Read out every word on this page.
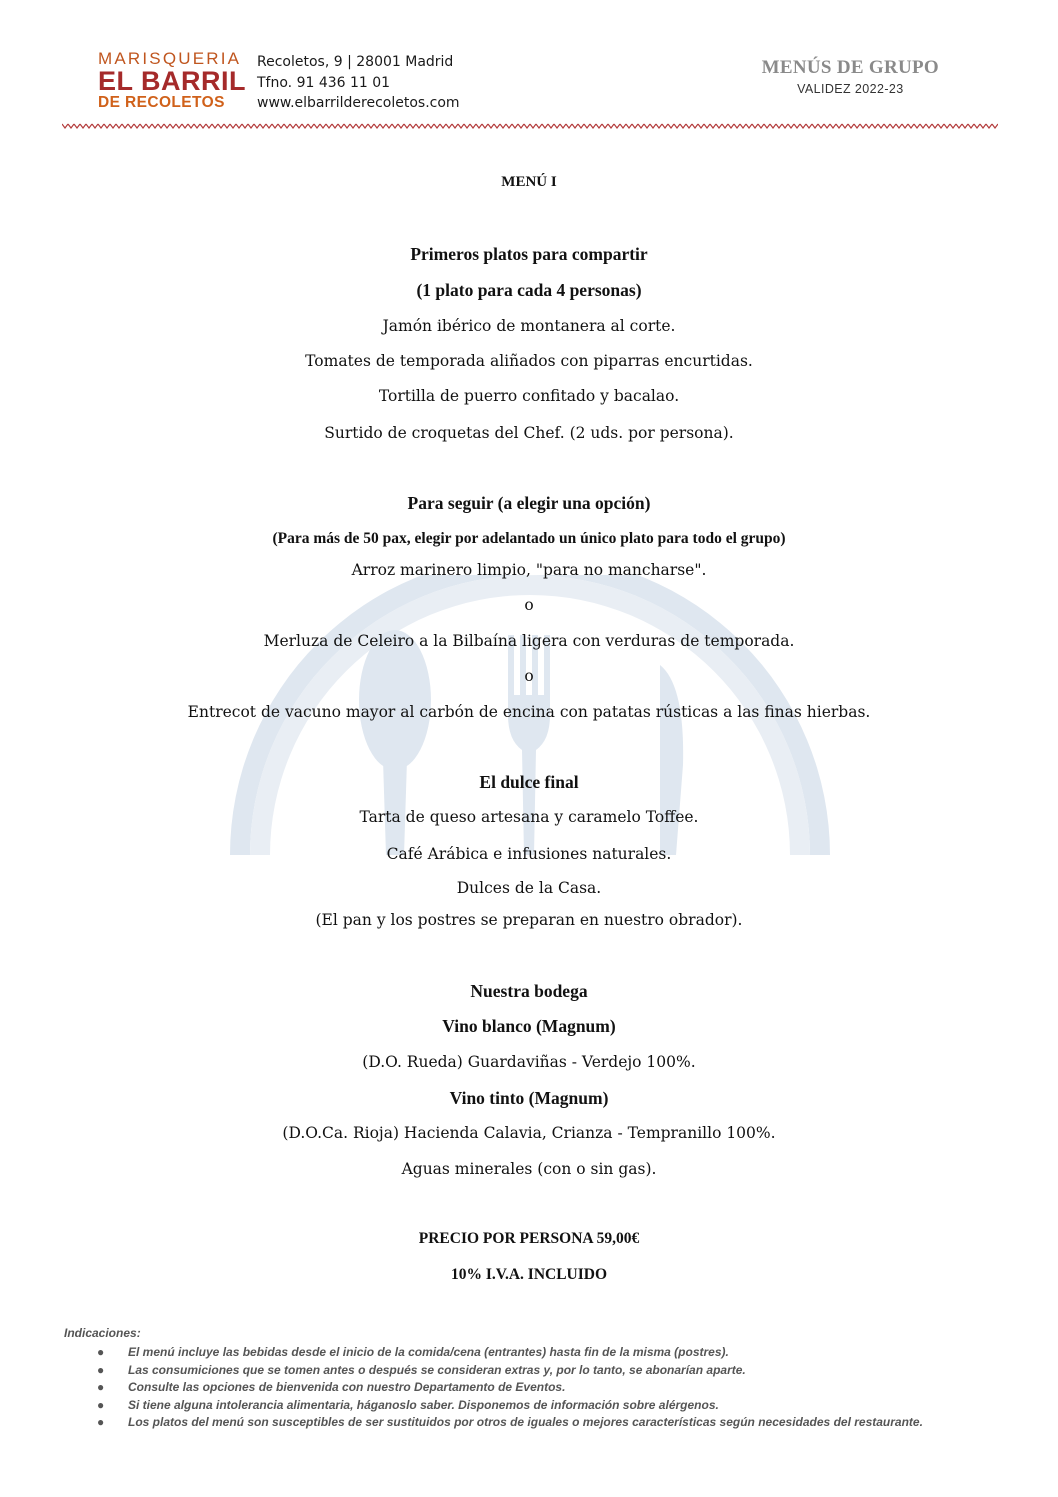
MARISQUERIA
EL BARRIL
DE RECOLETOS
Recoletos, 9 | 28001 Madrid
Tfno. 91 436 11 01
www.elbarrilderecoletos.com
MENÚS DE GRUPO
VALIDEZ 2022-23
MENÚ I
Primeros platos para compartir
(1 plato para cada 4 personas)
Jamón ibérico de montanera al corte.
Tomates de temporada aliñados con piparras encurtidas.
Tortilla de puerro confitado y bacalao.
Surtido de croquetas del Chef. (2 uds. por persona).
Para seguir (a elegir una opción)
(Para más de 50 pax, elegir por adelantado un único plato para todo el grupo)
Arroz marinero limpio, "para no mancharse".
o
Merluza de Celeiro a la Bilbaína ligera con verduras de temporada.
o
Entrecot de vacuno mayor al carbón de encina con patatas rústicas a las finas hierbas.
El dulce final
Tarta de queso artesana y caramelo Toffee.
Café Arábica e infusiones naturales.
Dulces de la Casa.
(El pan y los postres se preparan en nuestro obrador).
Nuestra bodega
Vino blanco (Magnum)
(D.O. Rueda) Guardaviñas - Verdejo 100%.
Vino tinto (Magnum)
(D.O.Ca. Rioja) Hacienda Calavia, Crianza - Tempranillo 100%.
Aguas minerales (con o sin gas).
PRECIO POR PERSONA 59,00€
10% I.V.A. INCLUIDO
Indicaciones:
● El menú incluye las bebidas desde el inicio de la comida/cena (entrantes) hasta fin de la misma (postres).
● Las consumiciones que se tomen antes o después se consideran extras y, por lo tanto, se abonarían aparte.
● Consulte las opciones de bienvenida con nuestro Departamento de Eventos.
● Si tiene alguna intolerancia alimentaria, háganoslo saber. Disponemos de información sobre alérgenos.
● Los platos del menú son susceptibles de ser sustituidos por otros de iguales o mejores características según necesidades del restaurante.
